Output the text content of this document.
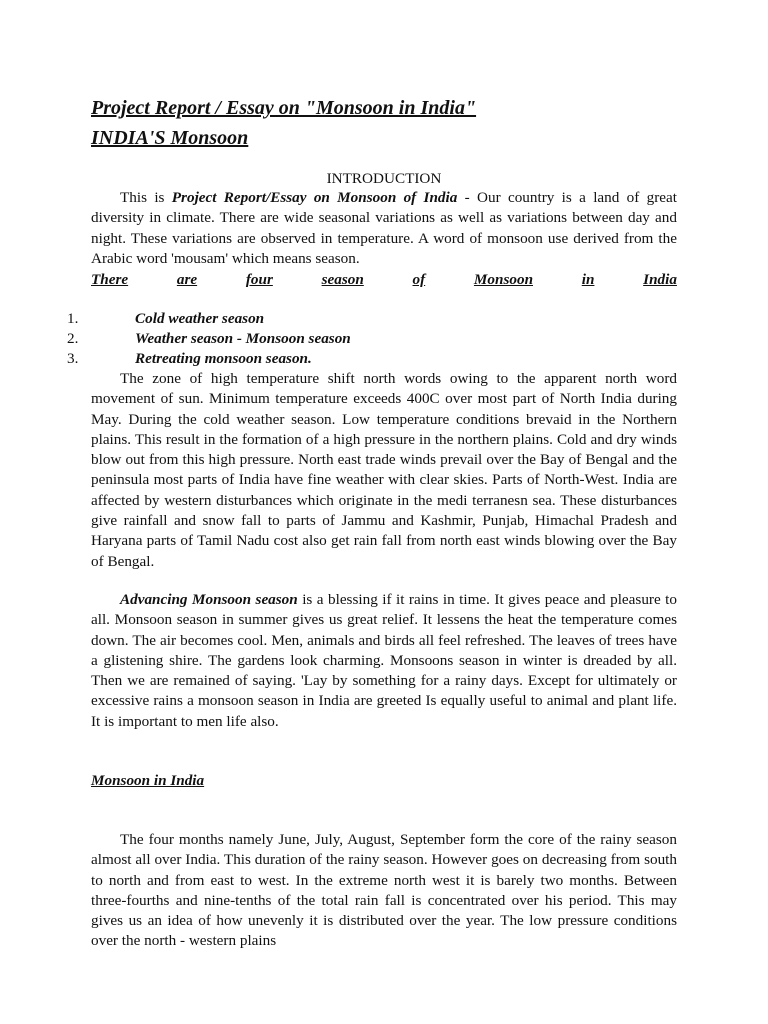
Project Report / Essay on "Monsoon in India"
INDIA'S Monsoon
INTRODUCTION
This is Project Report/Essay on Monsoon of India - Our country is a land of great diversity in climate. There are wide seasonal variations as well as variations between day and night. These variations are observed in temperature. A word of monsoon use derived from the Arabic word 'mousam' which means season.
There	are	four	season	of	Monsoon	in	India
1.	Cold weather season
2.	Weather season - Monsoon season
3.	Retreating monsoon season.
The zone of high temperature shift north words owing to the apparent north word movement of sun. Minimum temperature exceeds 400C over most part of North India during May. During the cold weather season. Low temperature conditions brevaid in the Northern plains. This result in the formation of a high pressure in the northern plains. Cold and dry winds blow out from this high pressure. North east trade winds prevail over the Bay of Bengal and the peninsula most parts of India have fine weather with clear skies. Parts of North-West. India are affected by western disturbances which originate in the medi terranesn sea. These disturbances give rainfall and snow fall to parts of Jammu and Kashmir, Punjab, Himachal Pradesh and Haryana parts of Tamil Nadu cost also get rain fall from north east winds blowing over the Bay of Bengal.
Advancing Monsoon season is a blessing if it rains in time. It gives peace and pleasure to all. Monsoon season in summer gives us great relief. It lessens the heat the temperature comes down. The air becomes cool. Men, animals and birds all feel refreshed. The leaves of trees have a glistening shire. The gardens look charming. Monsoons season in winter is dreaded by all. Then we are remained of saying. 'Lay by something for a rainy days. Except for ultimately or excessive rains a monsoon season in India are greeted Is equally useful to animal and plant life. It is important to men life also.
Monsoon in India
The four months namely June, July, August, September form the core of the rainy season almost all over India. This duration of the rainy season. However goes on decreasing from south to north and from east to west. In the extreme north west it is barely two months. Between three-fourths and nine-tenths of the total rain fall is concentrated over his period. This may gives us an idea of how unevenly it is distributed over the year. The low pressure conditions over the north - western plains
